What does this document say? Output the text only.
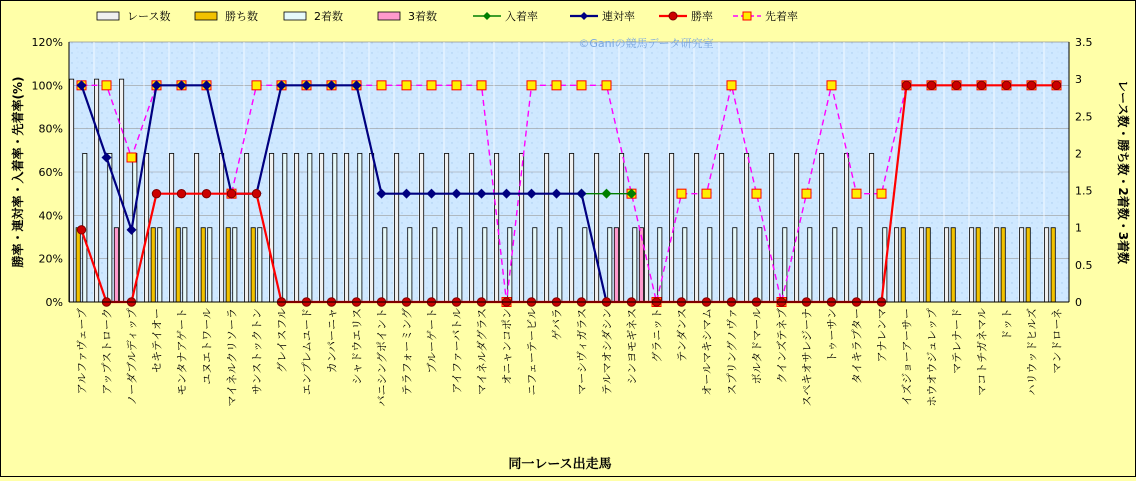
0%
20%
40%
60%
80%
100%
120%
0
0.5
1
1.5
2
2.5
3
3.5
アルファヴェーブ アップストローク ノーダブルディップ セキテイオー モンタナアゲート ユヌエトワール マイネルクリソーラ サンストックトン グレイスフル エンプレムユード カンパーニャ シャドウエリス バニシングポイント テラフォーミング ブルーゲート アイファーバトル マイネルダグラス オニャンコポン ニフェーテービル ゲバラ マーシヴィガラス テルマオシダシン シンヨモギネス グラニット テンダンス オールマキシマム スプリングノヴァ ボルタドマール クインズテネブ スペキオサレジーナ トゥーサン タイキラプター アナレンマ イズジョーアーサー ホウオウジュレップ マテレナード マコトチガネマル ドット ハリウッドヒルズ マンドローネ
レース数	勝ち数	2着数	3着数	入着率	連対率	勝率	先着率
©Ganiの競馬データ研究室
同一レース出走馬
勝率・連対率・入着率・先着率(%)	レース数・勝ち数・2着数・3着数
